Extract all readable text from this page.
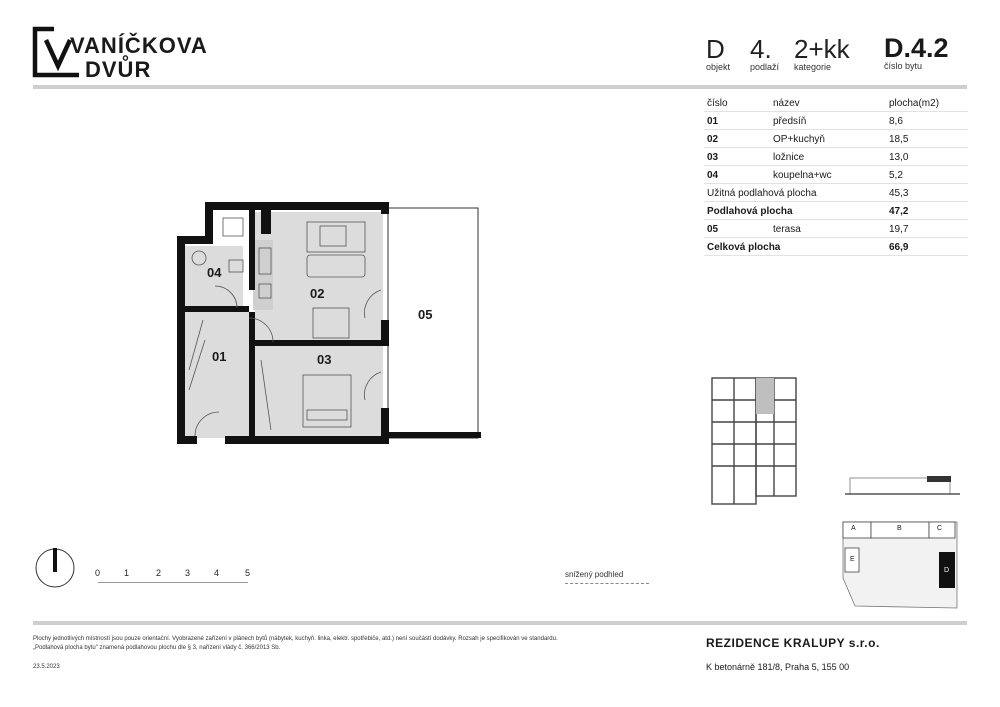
VANÍČKOVA
DVŮR
D
objekt
4.
podlaží
2+kk
kategorie
D.4.2
číslo bytu
číslo	název	plocha(m2)
01	předsíň	8,6
02	OP+kuchyň	18,5
03	ložnice	13,0
04	koupelna+wc	5,2
Užitná podlahová plocha		45,3
Podlahová plocha		47,2
05	terasa	19,7
Celková plocha		66,9
01
02
03
04
05
0	1	2	3	4	5	snížený podhled
A	B	C
E
D
Plochy jednotlivých místností jsou pouze orientační. Vyobrazené zařízení v plánech bytů (nábytek, kuchyň. linka, elektr. spotřebiče, atd.) není součástí dodávky. Rozsah je specifikován ve standardu.
„Podlahová plocha bytu" znamená podlahovou plochu dle § 3, nařízení vlády č. 366/2013 Sb.
23.5.2023
REZIDENCE KRALUPY s.r.o.
K betonárně 181/8, Praha 5, 155 00
